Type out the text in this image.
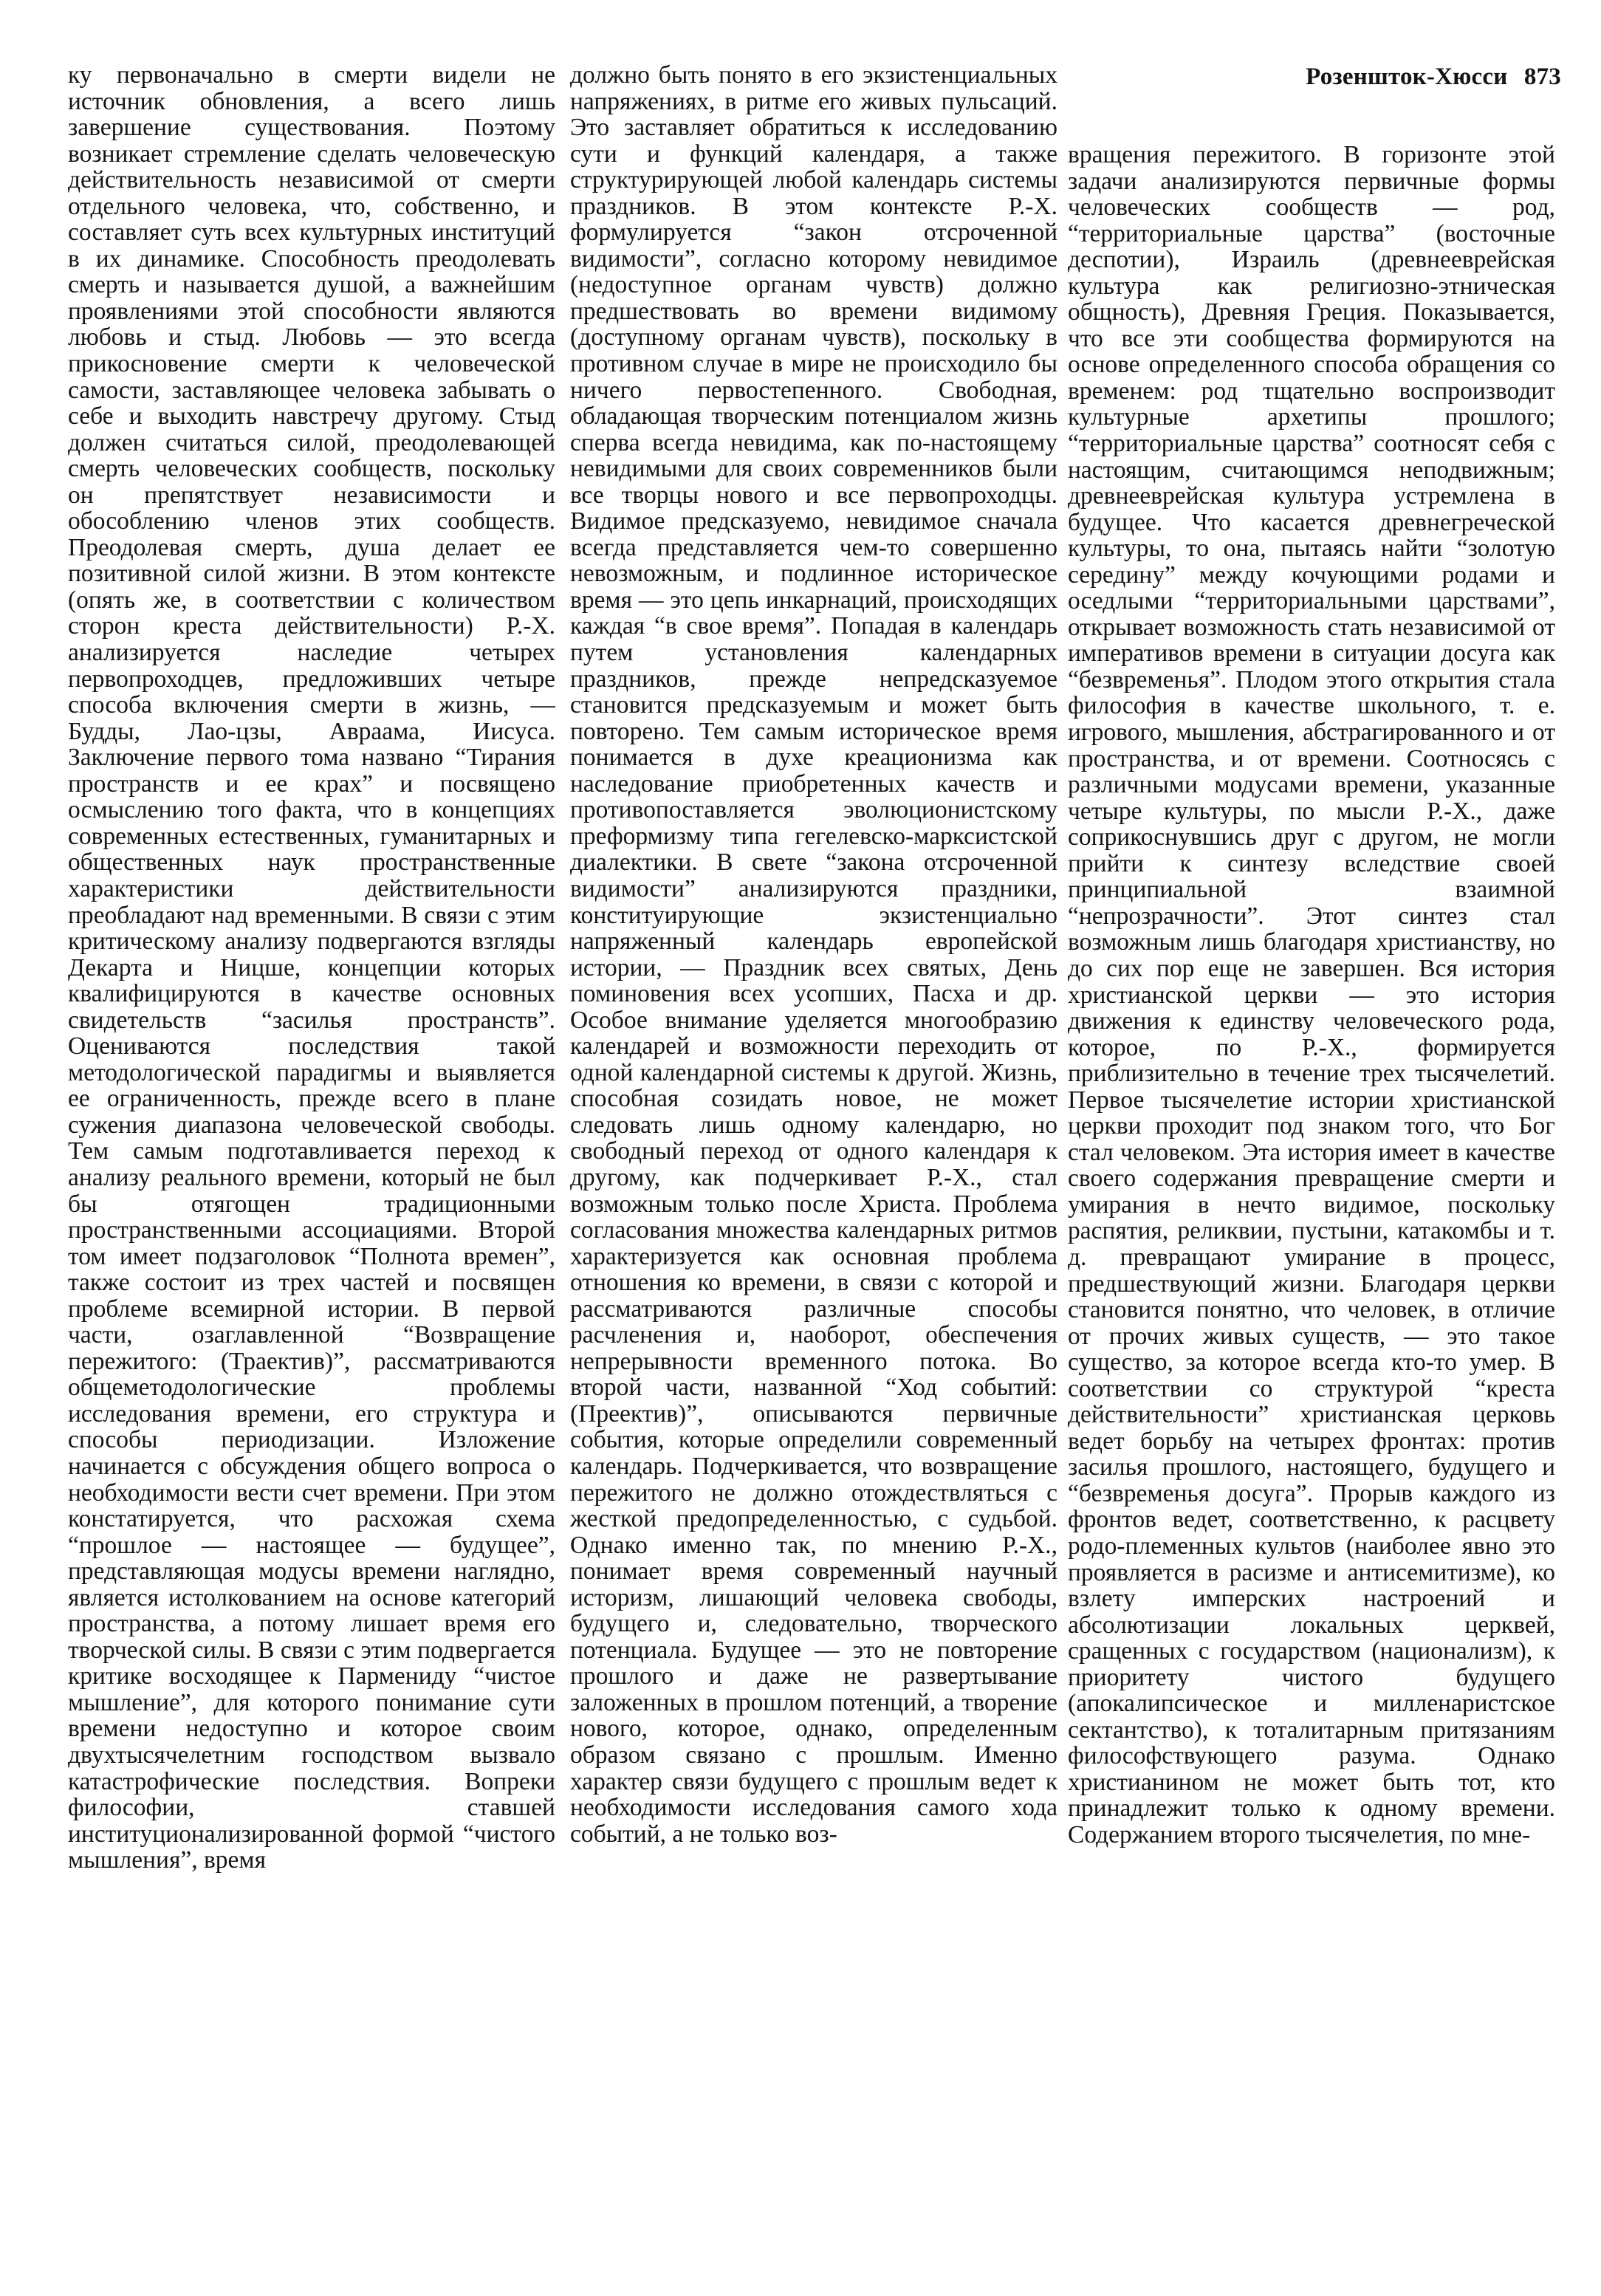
Розеншток-Хюсси 873

ку первоначально в смерти видели не источник обновления, а всего лишь завершение существования. Поэтому возникает стремление сделать человеческую действительность независимой от смерти отдельного человека, что, собственно, и составляет суть всех культурных институций в их динамике. Способность преодолевать смерть и называется душой, а важнейшим проявлениями этой способности являются любовь и стыд. Любовь — это всегда прикосновение смерти к человеческой самости, заставляющее человека забывать о себе и выходить навстречу другому. Стыд должен считаться силой, преодолевающей смерть человеческих сообществ, поскольку он препятствует независимости и обособлению членов этих сообществ. Преодолевая смерть, душа делает ее позитивной силой жизни. В этом контексте (опять же, в соответствии с количеством сторон креста действительности) Р.-Х. анализируется наследие четырех первопроходцев, предложивших четыре способа включения смерти в жизнь, — Будды, Лао-цзы, Авраама, Иисуса. Заключение первого тома названо “Тирания пространств и ее крах” и посвящено осмыслению того факта, что в концепциях современных естественных, гуманитарных и общественных наук пространственные характеристики действительности преобладают над временными. В связи с этим критическому анализу подвергаются взгляды Декарта и Ницше, концепции которых квалифицируются в качестве основных свидетельств “засилья пространств”. Оцениваются последствия такой методологической парадигмы и выявляется ее ограниченность, прежде всего в плане сужения диапазона человеческой свободы. Тем самым подготавливается переход к анализу реального времени, который не был бы отягощен традиционными пространственными ассоциациями. Второй том имеет подзаголовок “Полнота времен”, также состоит из трех частей и посвящен проблеме всемирной истории. В первой части, озаглавленной “Возвращение пережитого: (Траектив)”, рассматриваются общеметодологические проблемы исследования времени, его структура и способы периодизации. Изложение начинается с обсуждения общего вопроса о необходимости вести счет времени. При этом констатируется, что расхожая схема “прошлое — настоящее — будущее”, представляющая модусы времени наглядно, является истолкованием на основе категорий пространства, а потому лишает время его творческой силы. В связи с этим подвергается критике восходящее к Пармениду “чистое мышление”, для которого понимание сути времени недоступно и которое своим двухтысячелетним господством вызвало катастрофические последствия. Вопреки философии, ставшей институционализированной формой “чистого мышления”, время

должно быть понято в его экзистенциальных напряжениях, в ритме его живых пульсаций. Это заставляет обратиться к исследованию сути и функций календаря, а также структурирующей любой календарь системы праздников. В этом контексте Р.-Х. формулируется “закон отсроченной видимости”, согласно которому невидимое (недоступное органам чувств) должно предшествовать во времени видимому (доступному органам чувств), поскольку в противном случае в мире не происходило бы ничего первостепенного. Свободная, обладающая творческим потенциалом жизнь сперва всегда невидима, как по-настоящему невидимыми для своих современников были все творцы нового и все первопроходцы. Видимое предсказуемо, невидимое сначала всегда представляется чем-то совершенно невозможным, и подлинное историческое время — это цепь инкарнаций, происходящих каждая “в свое время”. Попадая в календарь путем установления календарных праздников, прежде непредсказуемое становится предсказуемым и может быть повторено. Тем самым историческое время понимается в духе креационизма как наследование приобретенных качеств и противопоставляется эволюционистскому преформизму типа гегелевско-марксистской диалектики. В свете “закона отсроченной видимости” анализируются праздники, конституирующие экзистенциально напряженный календарь европейской истории, — Праздник всех святых, День поминовения всех усопших, Пасха и др. Особое внимание уделяется многообразию календарей и возможности переходить от одной календарной системы к другой. Жизнь, способная созидать новое, не может следовать лишь одному календарю, но свободный переход от одного календаря к другому, как подчеркивает Р.-Х., стал возможным только после Христа. Проблема согласования множества календарных ритмов характеризуется как основная проблема отношения ко времени, в связи с которой и рассматриваются различные способы расчленения и, наоборот, обеспечения непрерывности временного потока. Во второй части, названной “Ход событий: (Преектив)”, описываются первичные события, которые определили современный календарь. Подчеркивается, что возвращение пережитого не должно отождествляться с жесткой предопределенностью, с судьбой. Однако именно так, по мнению Р.-Х., понимает время современный научный историзм, лишающий человека свободы, будущего и, следовательно, творческого потенциала. Будущее — это не повторение прошлого и даже не развертывание заложенных в прошлом потенций, а творение нового, которое, однако, определенным образом связано с прошлым. Именно характер связи будущего с прошлым ведет к необходимости исследования самого хода событий, а не только воз-

вращения пережитого. В горизонте этой задачи анализируются первичные формы человеческих сообществ — род, “территориальные царства” (восточные деспотии), Израиль (древнееврейская культура как религиозно-этническая общность), Древняя Греция. Показывается, что все эти сообщества формируются на основе определенного способа обращения со временем: род тщательно воспроизводит культурные архетипы прошлого; “территориальные царства” соотносят себя с настоящим, считающимся неподвижным; древнееврейская культура устремлена в будущее. Что касается древнегреческой культуры, то она, пытаясь найти “золотую середину” между кочующими родами и оседлыми “территориальными царствами”, открывает возможность стать независимой от императивов времени в ситуации досуга как “безвременья”. Плодом этого открытия стала философия в качестве школьного, т. е. игрового, мышления, абстрагированного и от пространства, и от времени. Соотносясь с различными модусами времени, указанные четыре культуры, по мысли Р.-Х., даже соприкоснувшись друг с другом, не могли прийти к синтезу вследствие своей принципиальной взаимной “непрозрачности”. Этот синтез стал возможным лишь благодаря христианству, но до сих пор еще не завершен. Вся история христианской церкви — это история движения к единству человеческого рода, которое, по Р.-Х., формируется приблизительно в течение трех тысячелетий. Первое тысячелетие истории христианской церкви проходит под знаком того, что Бог стал человеком. Эта история имеет в качестве своего содержания превращение смерти и умирания в нечто видимое, поскольку распятия, реликвии, пустыни, катакомбы и т. д. превращают умирание в процесс, предшествующий жизни. Благодаря церкви становится понятно, что человек, в отличие от прочих живых существ, — это такое существо, за которое всегда кто-то умер. В соответствии со структурой “креста действительности” христианская церковь ведет борьбу на четырех фронтах: против засилья прошлого, настоящего, будущего и “безвременья досуга”. Прорыв каждого из фронтов ведет, соответственно, к расцвету родо-племенных культов (наиболее явно это проявляется в расизме и антисемитизме), ко взлету имперских настроений и абсолютизации локальных церквей, сращенных с государством (национализм), к приоритету чистого будущего (апокалипсическое и милленаристское сектантство), к тоталитарным притязаниям философствующего разума. Однако христианином не может быть тот, кто принадлежит только к одному времени. Содержанием второго тысячелетия, по мне-
